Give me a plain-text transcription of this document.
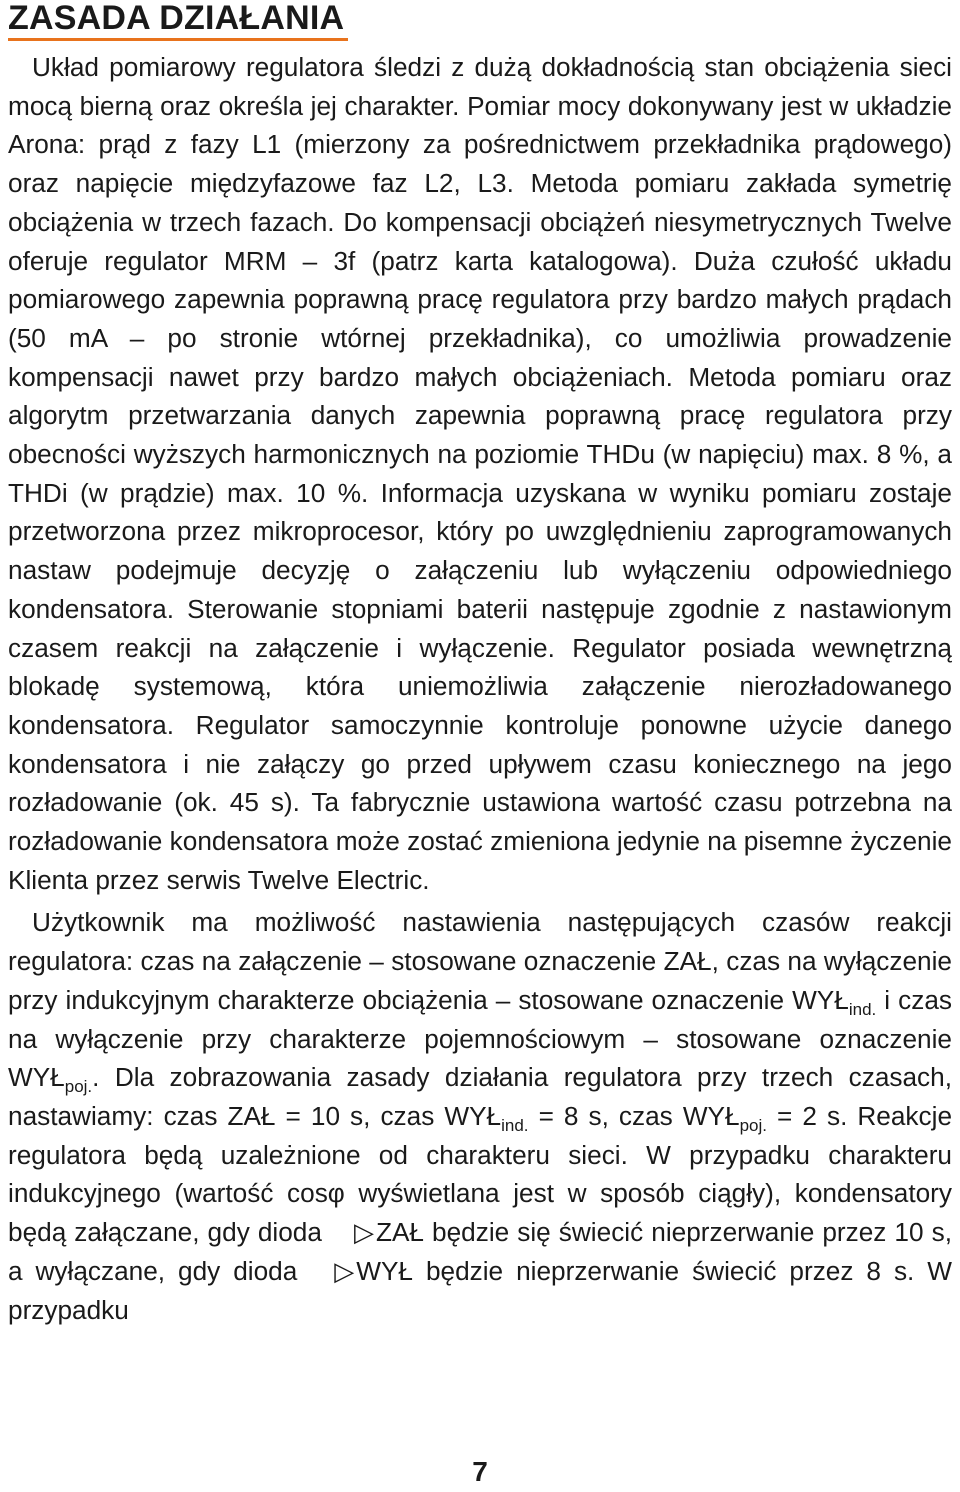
ZASADA DZIAŁANIA

Układ pomiarowy regulatora śledzi z dużą dokładnością stan obciążenia sieci mocą bierną oraz określa jej charakter. Pomiar mocy dokonywany jest w układzie Arona: prąd z fazy L1 (mierzony za pośrednictwem przekładnika prądowego) oraz napięcie międzyfazowe faz L2, L3. Metoda pomiaru zakłada symetrię obciążenia w trzech fazach. Do kompensacji obciążeń niesymetrycznych Twelve oferuje regulator MRM – 3f (patrz karta katalogowa). Duża czułość układu pomiarowego zapewnia poprawną pracę regulatora przy bardzo małych prądach (50 mA – po stronie wtórnej przekładnika), co umożliwia prowadzenie kompensacji nawet przy bardzo małych obciążeniach. Metoda pomiaru oraz algorytm przetwarzania danych zapewnia poprawną pracę regulatora przy obecności wyższych harmonicznych na poziomie THDu (w napięciu) max. 8 %, a THDi (w prądzie) max. 10 %. Informacja uzyskana w wyniku pomiaru zostaje przetworzona przez mikroprocesor, który po uwzględnieniu zaprogramowanych nastaw podejmuje decyzję o załączeniu lub wyłączeniu odpowiedniego kondensatora. Sterowanie stopniami baterii następuje zgodnie z nastawionym czasem reakcji na załączenie i wyłączenie. Regulator posiada wewnętrzną blokadę systemową, która uniemożliwia załączenie nierozładowanego kondensatora. Regulator samoczynnie kontroluje ponowne użycie danego kondensatora i nie załączy go przed upływem czasu koniecznego na jego rozładowanie (ok. 45 s). Ta fabrycznie ustawiona wartość czasu potrzebna na rozładowanie kondensatora może zostać zmieniona jedynie na pisemne życzenie Klienta przez serwis Twelve Electric.

Użytkownik ma możliwość nastawienia następujących czasów reakcji regulatora: czas na załączenie – stosowane oznaczenie ZAŁ, czas na wyłączenie przy indukcyjnym charakterze obciążenia – stosowane oznaczenie $WYŁ_{ind.}$ i czas na wyłączenie przy charakterze pojemnościowym – stosowane oznaczenie $WYŁ_{poj.}$. Dla zobrazowania zasady działania regulatora przy trzech czasach, nastawiamy: czas ZAŁ = 10 s, czas $WYŁ_{ind.} = 8$ s, czas $WYŁ_{poj.} = 2$ s. Reakcje regulatora będą uzależnione od charakteru sieci. W przypadku charakteru indukcyjnego (wartość cosφ wyświetlana jest w sposób ciągły), kondensatory będą załączane, gdy dioda ▷ZAŁ będzie się świecić nieprzerwanie przez 10 s, a wyłączane, gdy dioda ▷WYŁ będzie nieprzerwanie świecić przez 8 s. W przypadku

7
